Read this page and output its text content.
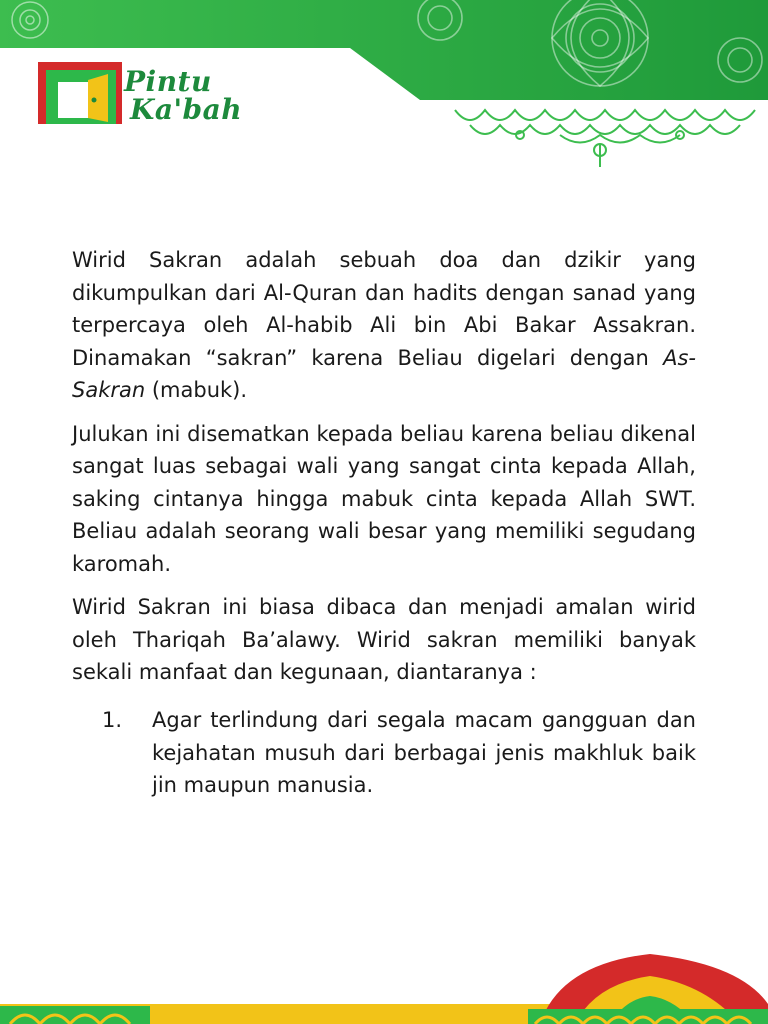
Pintu
Ka'bah

Wirid Sakran adalah sebuah doa dan dzikir yang dikumpulkan dari Al-Quran dan hadits dengan sanad yang terpercaya oleh Al-habib Ali bin Abi Bakar Assakran. Dinamakan “sakran” karena Beliau digelari dengan As-Sakran (mabuk).

Julukan ini disematkan kepada beliau karena beliau dikenal sangat luas sebagai wali yang sangat cinta kepada Allah, saking cintanya hingga mabuk cinta kepada Allah SWT. Beliau adalah seorang wali besar yang memiliki segudang karomah.

Wirid Sakran ini biasa dibaca dan menjadi amalan wirid oleh Thariqah Ba’alawy. Wirid sakran memiliki banyak sekali manfaat dan kegunaan, diantaranya :

1.	Agar terlindung dari segala macam gangguan dan kejahatan musuh dari berbagai jenis makhluk baik jin maupun manusia.
